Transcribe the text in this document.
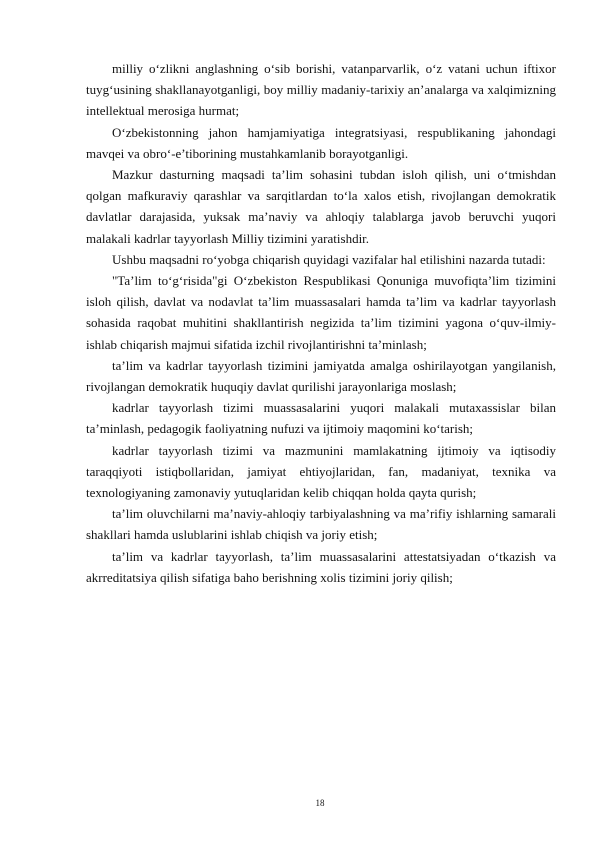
milliy o‘zlikni anglashning o‘sib borishi, vatanparvarlik, o‘z vatani uchun iftixor tuyg‘usining shakllanayotganligi, boy milliy madaniy-tarixiy an’analarga va xalqimizning intellektual merosiga hurmat;

O‘zbekistonning jahon hamjamiyatiga integratsiyasi, respublikaning jahondagi mavqei va obro‘-e’tiborining mustahkamlanib borayotganligi.

Mazkur dasturning maqsadi ta’lim sohasini tubdan isloh qilish, uni o‘tmishdan qolgan mafkuraviy qarashlar va sarqitlardan to‘la xalos etish, rivojlangan demokratik davlatlar darajasida, yuksak ma’naviy va ahloqiy talablarga javob beruvchi yuqori malakali kadrlar tayyorlash Milliy tizimini yaratishdir.

Ushbu maqsadni ro‘yobga chiqarish quyidagi vazifalar hal etilishini nazarda tutadi:

"Ta’lim to‘g‘risida"gi O‘zbekiston Respublikasi Qonuniga muvofiqta’lim tizimini isloh qilish, davlat va nodavlat ta’lim muassasalari hamda ta’lim va kadrlar tayyorlash sohasida raqobat muhitini shakllantirish negizida ta’lim tizimini yagona o‘quv-ilmiy-ishlab chiqarish majmui sifatida izchil rivojlantirishni ta’minlash;

ta’lim va kadrlar tayyorlash tizimini jamiyatda amalga oshirilayotgan yangilanish, rivojlangan demokratik huquqiy davlat qurilishi jarayonlariga moslash;

kadrlar tayyorlash tizimi muassasalarini yuqori malakali mutaxassislar bilan ta’minlash, pedagogik faoliyatning nufuzi va ijtimoiy maqomini ko‘tarish;

kadrlar tayyorlash tizimi va mazmunini mamlakatning ijtimoiy va iqtisodiy taraqqiyoti istiqbollaridan, jamiyat ehtiyojlaridan, fan, madaniyat, texnika va texnologiyaning zamonaviy yutuqlaridan kelib chiqqan holda qayta qurish;

ta’lim oluvchilarni ma’naviy-ahloqiy tarbiyalashning va ma’rifiy ishlarning samarali shakllari hamda uslublarini ishlab chiqish va joriy etish;

ta’lim va kadrlar tayyorlash, ta’lim muassasalarini attestatsiyadan o‘tkazish va akrreditatsiya qilish sifatiga baho berishning xolis tizimini joriy qilish;

18
